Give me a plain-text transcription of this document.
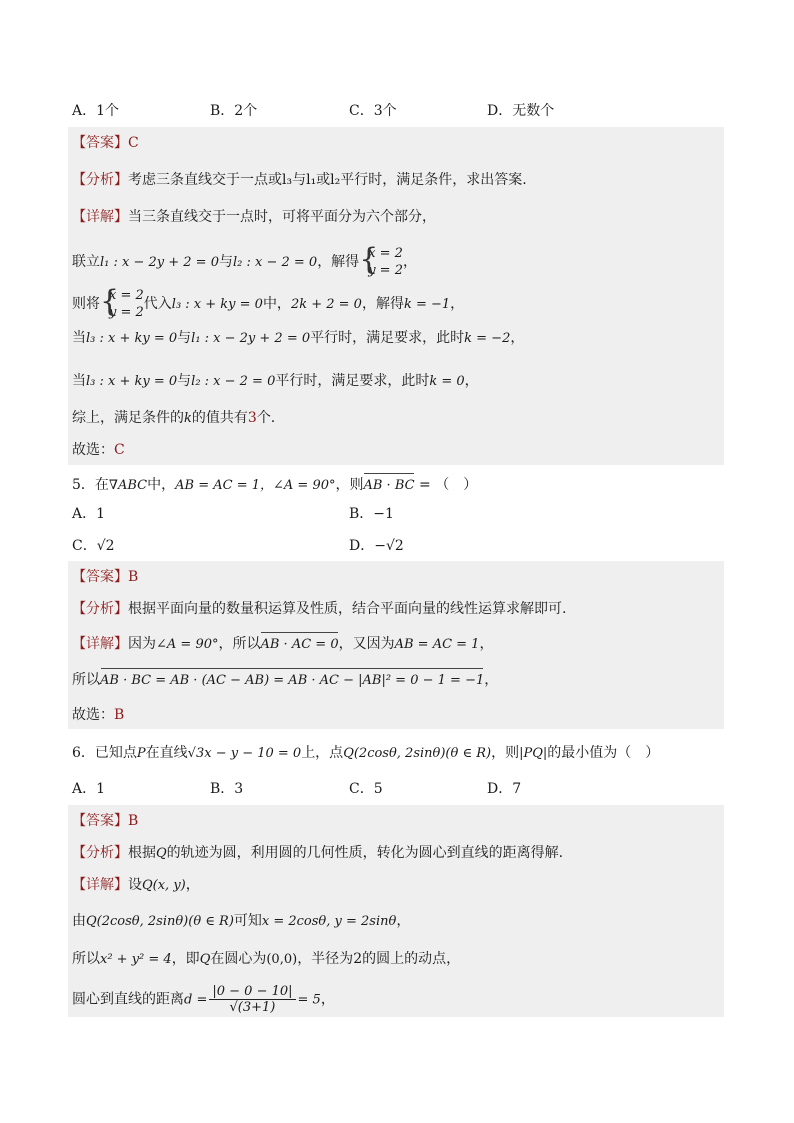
A．1个	B．2个	C．3个	D．无数个
【答案】C
【分析】考虑三条直线交于一点或l₃与l₁或l₂平行时，满足条件，求出答案.
【详解】当三条直线交于一点时，可将平面分为六个部分，
联立l₁ : x − 2y + 2 = 0与l₂ : x − 2 = 0，解得 {
x = 2
y = 2
，
则将 {
x = 2
y = 2
代入l₃ : x + ky = 0中，2k + 2 = 0，解得k = −1，
当l₃ : x + ky = 0与l₁ : x − 2y + 2 = 0平行时，满足要求，此时k = −2，
当l₃ : x + ky = 0与l₂ : x − 2 = 0平行时，满足要求，此时k = 0，
综上，满足条件的k的值共有3个.
故选：C
5．在∇ABC中，AB = AC = 1，∠A = 90°，则AB · BC = （　）
A．1	B．−1
C．√2	D．−√2
【答案】B
【分析】根据平面向量的数量积运算及性质，结合平面向量的线性运算求解即可.
【详解】因为∠A = 90°，所以AB · AC = 0，又因为AB = AC = 1，
所以AB · BC = AB · (AC − AB) = AB · AC − |AB|² = 0 − 1 = −1，
故选：B
6．已知点P在直线√3x − y − 10 = 0上，点Q(2cosθ, 2sinθ)(θ ∈ R)，则|PQ|的最小值为（　）
A．1	B．3	C．5	D．7
【答案】B
【分析】根据Q的轨迹为圆，利用圆的几何性质，转化为圆心到直线的距离得解.
【详解】设Q(x, y)，
由Q(2cosθ, 2sinθ)(θ ∈ R)可知x = 2cosθ, y = 2sinθ，
所以x² + y² = 4，即Q在圆心为(0,0)，半径为2的圆上的动点，
圆心到直线的距离$d = \frac{|0 - 0 - 10|}{√(3+1)} = 5$，
